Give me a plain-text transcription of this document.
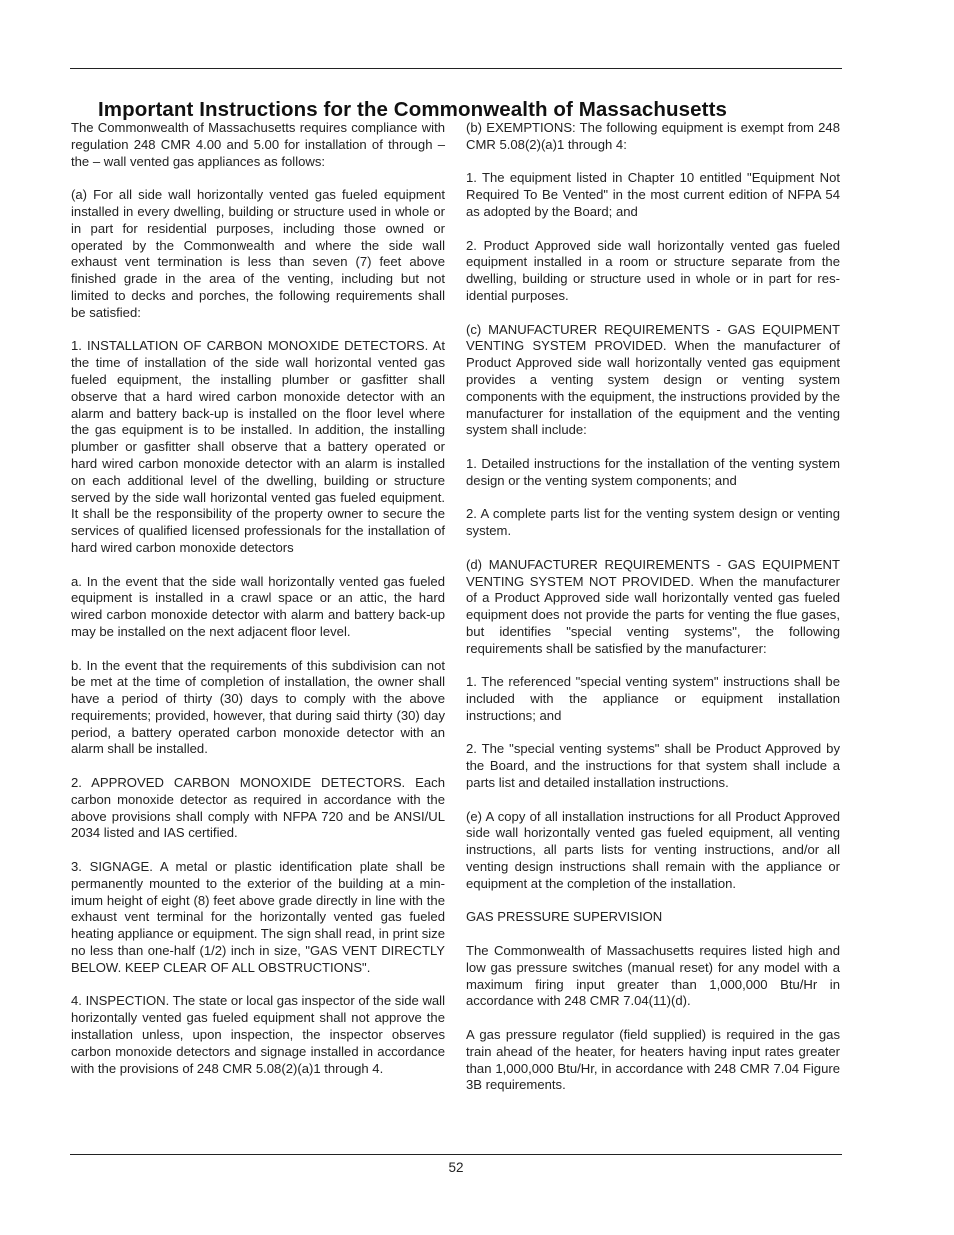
Important Instructions for the Commonwealth of Massachusetts

The Commonwealth of Massachusetts requires compliance with regulation 248 CMR 4.00 and 5.00 for installation of through – the – wall vented gas appliances as follows:

(a) For all side wall horizontally vented gas fueled equipment installed in every dwelling, building or structure used in whole or in part for residential purposes, including those owned or operated by the Commonwealth and where the side wall exhaust vent termination is less than seven (7) feet above finished grade in the area of the venting, including but not limited to decks and porches, the following requirements shall be satisfied:

1. INSTALLATION OF CARBON MONOXIDE DETECTORS. At the time of installation of the side wall horizontal vented gas fueled equipment, the installing plumber or gasfitter shall observe that a hard wired carbon monoxide detector with an alarm and battery back-up is installed on the floor level where the gas equipment is to be installed. In addition, the installing plumber or gasfitter shall observe that a battery operated or hard wired carbon monoxide detector with an alarm is installed on each additional level of the dwelling, building or structure served by the side wall horizontal vented gas fueled equipment. It shall be the responsibility of the property owner to secure the services of qualified licensed professionals for the installation of hard wired carbon monoxide detectors

a. In the event that the side wall horizontally vented gas fueled equipment is installed in a crawl space or an attic, the hard wired carbon monoxide detector with alarm and battery back-up may be installed on the next adjacent floor level.

b. In the event that the requirements of this subdivision can not be met at the time of completion of installation, the owner shall have a period of thirty (30) days to comply with the above requirements; provided, however, that during said thirty (30) day period, a battery operated carbon monoxide detector with an alarm shall be installed.

2. APPROVED CARBON MONOXIDE DETECTORS. Each carbon monoxide detector as required in accordance with the above provisions shall comply with NFPA 720 and be ANSI/UL 2034 listed and IAS certified.

3. SIGNAGE. A metal or plastic identification plate shall be permanently mounted to the exterior of the building at a minimum height of eight (8) feet above grade directly in line with the exhaust vent terminal for the horizontally vented gas fueled heating appliance or equipment. The sign shall read, in print size no less than one-half (1/2) inch in size, "GAS VENT DIRECTLY BELOW. KEEP CLEAR OF ALL OBSTRUCTIONS".

4. INSPECTION. The state or local gas inspector of the side wall horizontally vented gas fueled equipment shall not approve the installation unless, upon inspection, the inspector observes carbon monoxide detectors and signage installed in accordance with the provisions of 248 CMR 5.08(2)(a)1 through 4.

(b) EXEMPTIONS: The following equipment is exempt from 248 CMR 5.08(2)(a)1 through 4:

1. The equipment listed in Chapter 10 entitled "Equipment Not Required To Be Vented" in the most current edition of NFPA 54 as adopted by the Board; and

2. Product Approved side wall horizontally vented gas fueled equipment installed in a room or structure separate from the dwelling, building or structure used in whole or in part for residential purposes.

(c) MANUFACTURER REQUIREMENTS - GAS EQUIPMENT VENTING SYSTEM PROVIDED. When the manufacturer of Product Approved side wall horizontally vented gas equipment provides a venting system design or venting system components with the equipment, the instructions provided by the manufacturer for installation of the equipment and the venting system shall include:

1. Detailed instructions for the installation of the venting system design or the venting system components; and

2. A complete parts list for the venting system design or venting system.

(d) MANUFACTURER REQUIREMENTS - GAS EQUIPMENT VENTING SYSTEM NOT PROVIDED. When the manufacturer of a Product Approved side wall horizontally vented gas fueled equipment does not provide the parts for venting the flue gases, but identifies "special venting systems", the following requirements shall be satisfied by the manufacturer:

1. The referenced "special venting system" instructions shall be included with the appliance or equipment installation instructions; and

2. The "special venting systems" shall be Product Approved by the Board, and the instructions for that system shall include a parts list and detailed installation instructions.

(e) A copy of all installation instructions for all Product Approved side wall horizontally vented gas fueled equipment, all venting instructions, all parts lists for venting instructions, and/or all venting design instructions shall remain with the appliance or equipment at the completion of the installation.

GAS PRESSURE SUPERVISION

The Commonwealth of Massachusetts requires listed high and low gas pressure switches (manual reset) for any model with a maximum firing input greater than 1,000,000 Btu/Hr in accordance with 248 CMR 7.04(11)(d).

A gas pressure regulator (field supplied) is required in the gas train ahead of the heater, for heaters having input rates greater than 1,000,000 Btu/Hr, in accordance with 248 CMR 7.04 Figure 3B requirements.

52
